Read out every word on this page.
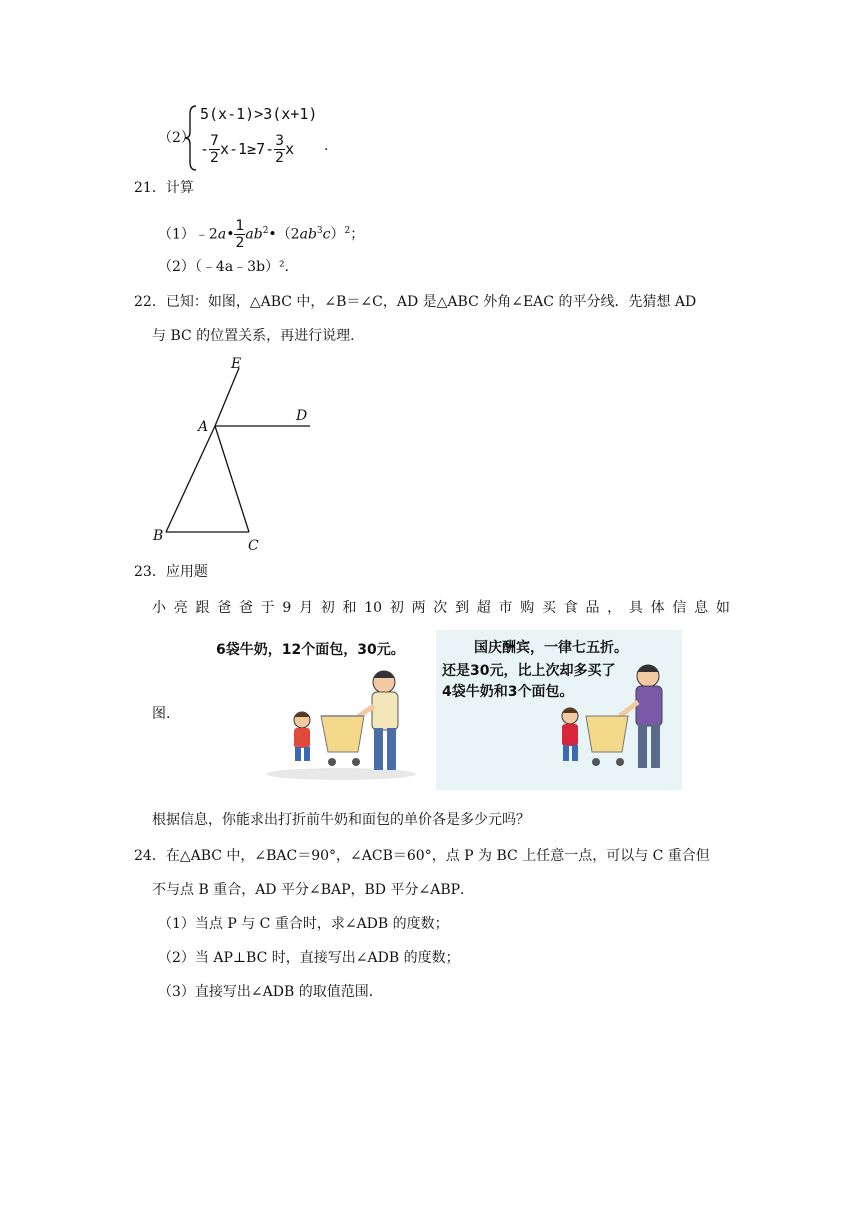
（2）
5(x-1)>3(x+1)
- $\frac{7}{2} x-1\ge 7- \frac{3}{2}$ x .
21．计算
（1）﹣2a• $\frac{1}{2}$ $ab^2•(2ab^3c)^2$；
（2）（﹣4a﹣3b）².
22．已知：如图，△ABC 中，∠B＝∠C，AD 是△ABC 外角∠EAC 的平分线．先猜想 AD
与 BC 的位置关系，再进行说理．
E
A
D
B
C
23．应用题
小 亮 跟 爸 爸 于 9 月 初 和 10 初 两 次 到 超 市 购 买 食 品 ， 具 体 信 息 如
图.
6袋牛奶，12个面包，30元。	国庆酬宾，一律七五折。
还是30元，比上次却多买了
4袋牛奶和3个面包。
根据信息，你能求出打折前牛奶和面包的单价各是多少元吗？
24．在△ABC 中，∠BAC＝90°，∠ACB＝60°，点 P 为 BC 上任意一点，可以与 C 重合但
不与点 B 重合，AD 平分∠BAP，BD 平分∠ABP．
（1）当点 P 与 C 重合时，求∠ADB 的度数；
（2）当 AP⊥BC 时，直接写出∠ADB 的度数；
（3）直接写出∠ADB 的取值范围．
